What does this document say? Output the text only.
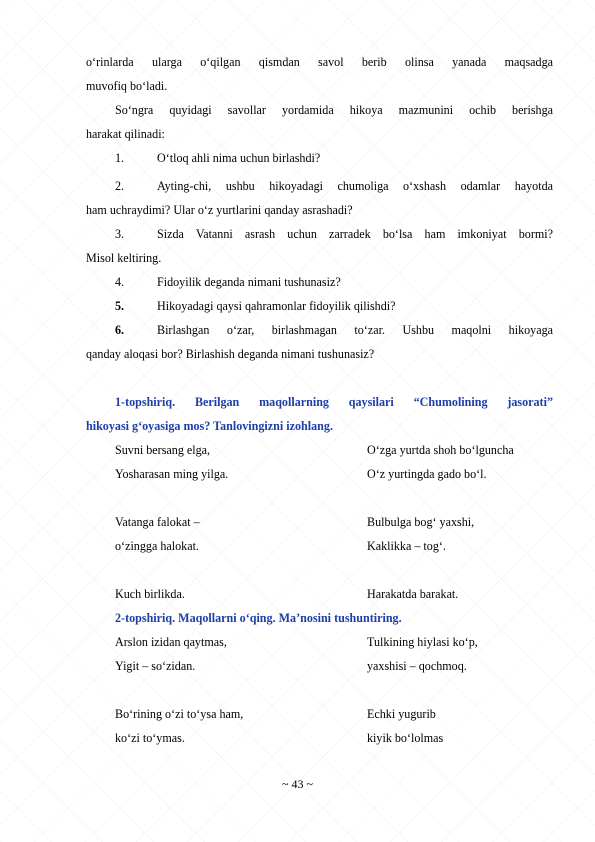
o‘rinlarda ularga o‘qilgan qismdan savol berib olinsa yanada maqsadga
muvofiq bo‘ladi.
So‘ngra quyidagi savollar yordamida hikoya mazmunini ochib berishga
harakat qilinadi:
1.	O‘tloq ahli nima uchun birlashdi?
2.	Ayting-chi, ushbu hikoyadagi chumoliga o‘xshash odamlar hayotda
ham uchraydimi? Ular o‘z yurtlarini qanday asrashadi?
3.	Sizda Vatanni asrash uchun zarradek bo‘lsa ham imkoniyat bormi?
Misol keltiring.
4.	Fidoyilik deganda nimani tushunasiz?
5.	Hikoyadagi qaysi qahramonlar fidoyilik qilishdi?
6.	Birlashgan o‘zar, birlashmagan to‘zar. Ushbu maqolni hikoyaga
qanday aloqasi bor? Birlashish deganda nimani tushunasiz?
1-topshiriq. Berilgan maqollarning qaysilari “Chumolining jasorati”
hikoyasi g‘oyasiga mos? Tanlovingizni izohlang.
Suvni bersang elga,	O‘zga yurtda shoh bo‘lguncha
Yosharasan ming yilga.	O‘z yurtingda gado bo‘l.
Vatanga falokat –	Bulbulga bog‘ yaxshi,
o‘zingga halokat.	Kaklikka – tog‘.
Kuch birlikda.	Harakatda barakat.
2-topshiriq. Maqollarni o‘qing. Ma’nosini tushuntiring.
Arslon izidan qaytmas,	Tulkining hiylasi ko‘p,
Yigit – so‘zidan.	yaxshisi – qochmoq.
Bo‘rining o‘zi to‘ysa ham,	Echki yugurib
ko‘zi to‘ymas.	kiyik bo‘lolmas
~ 43 ~
